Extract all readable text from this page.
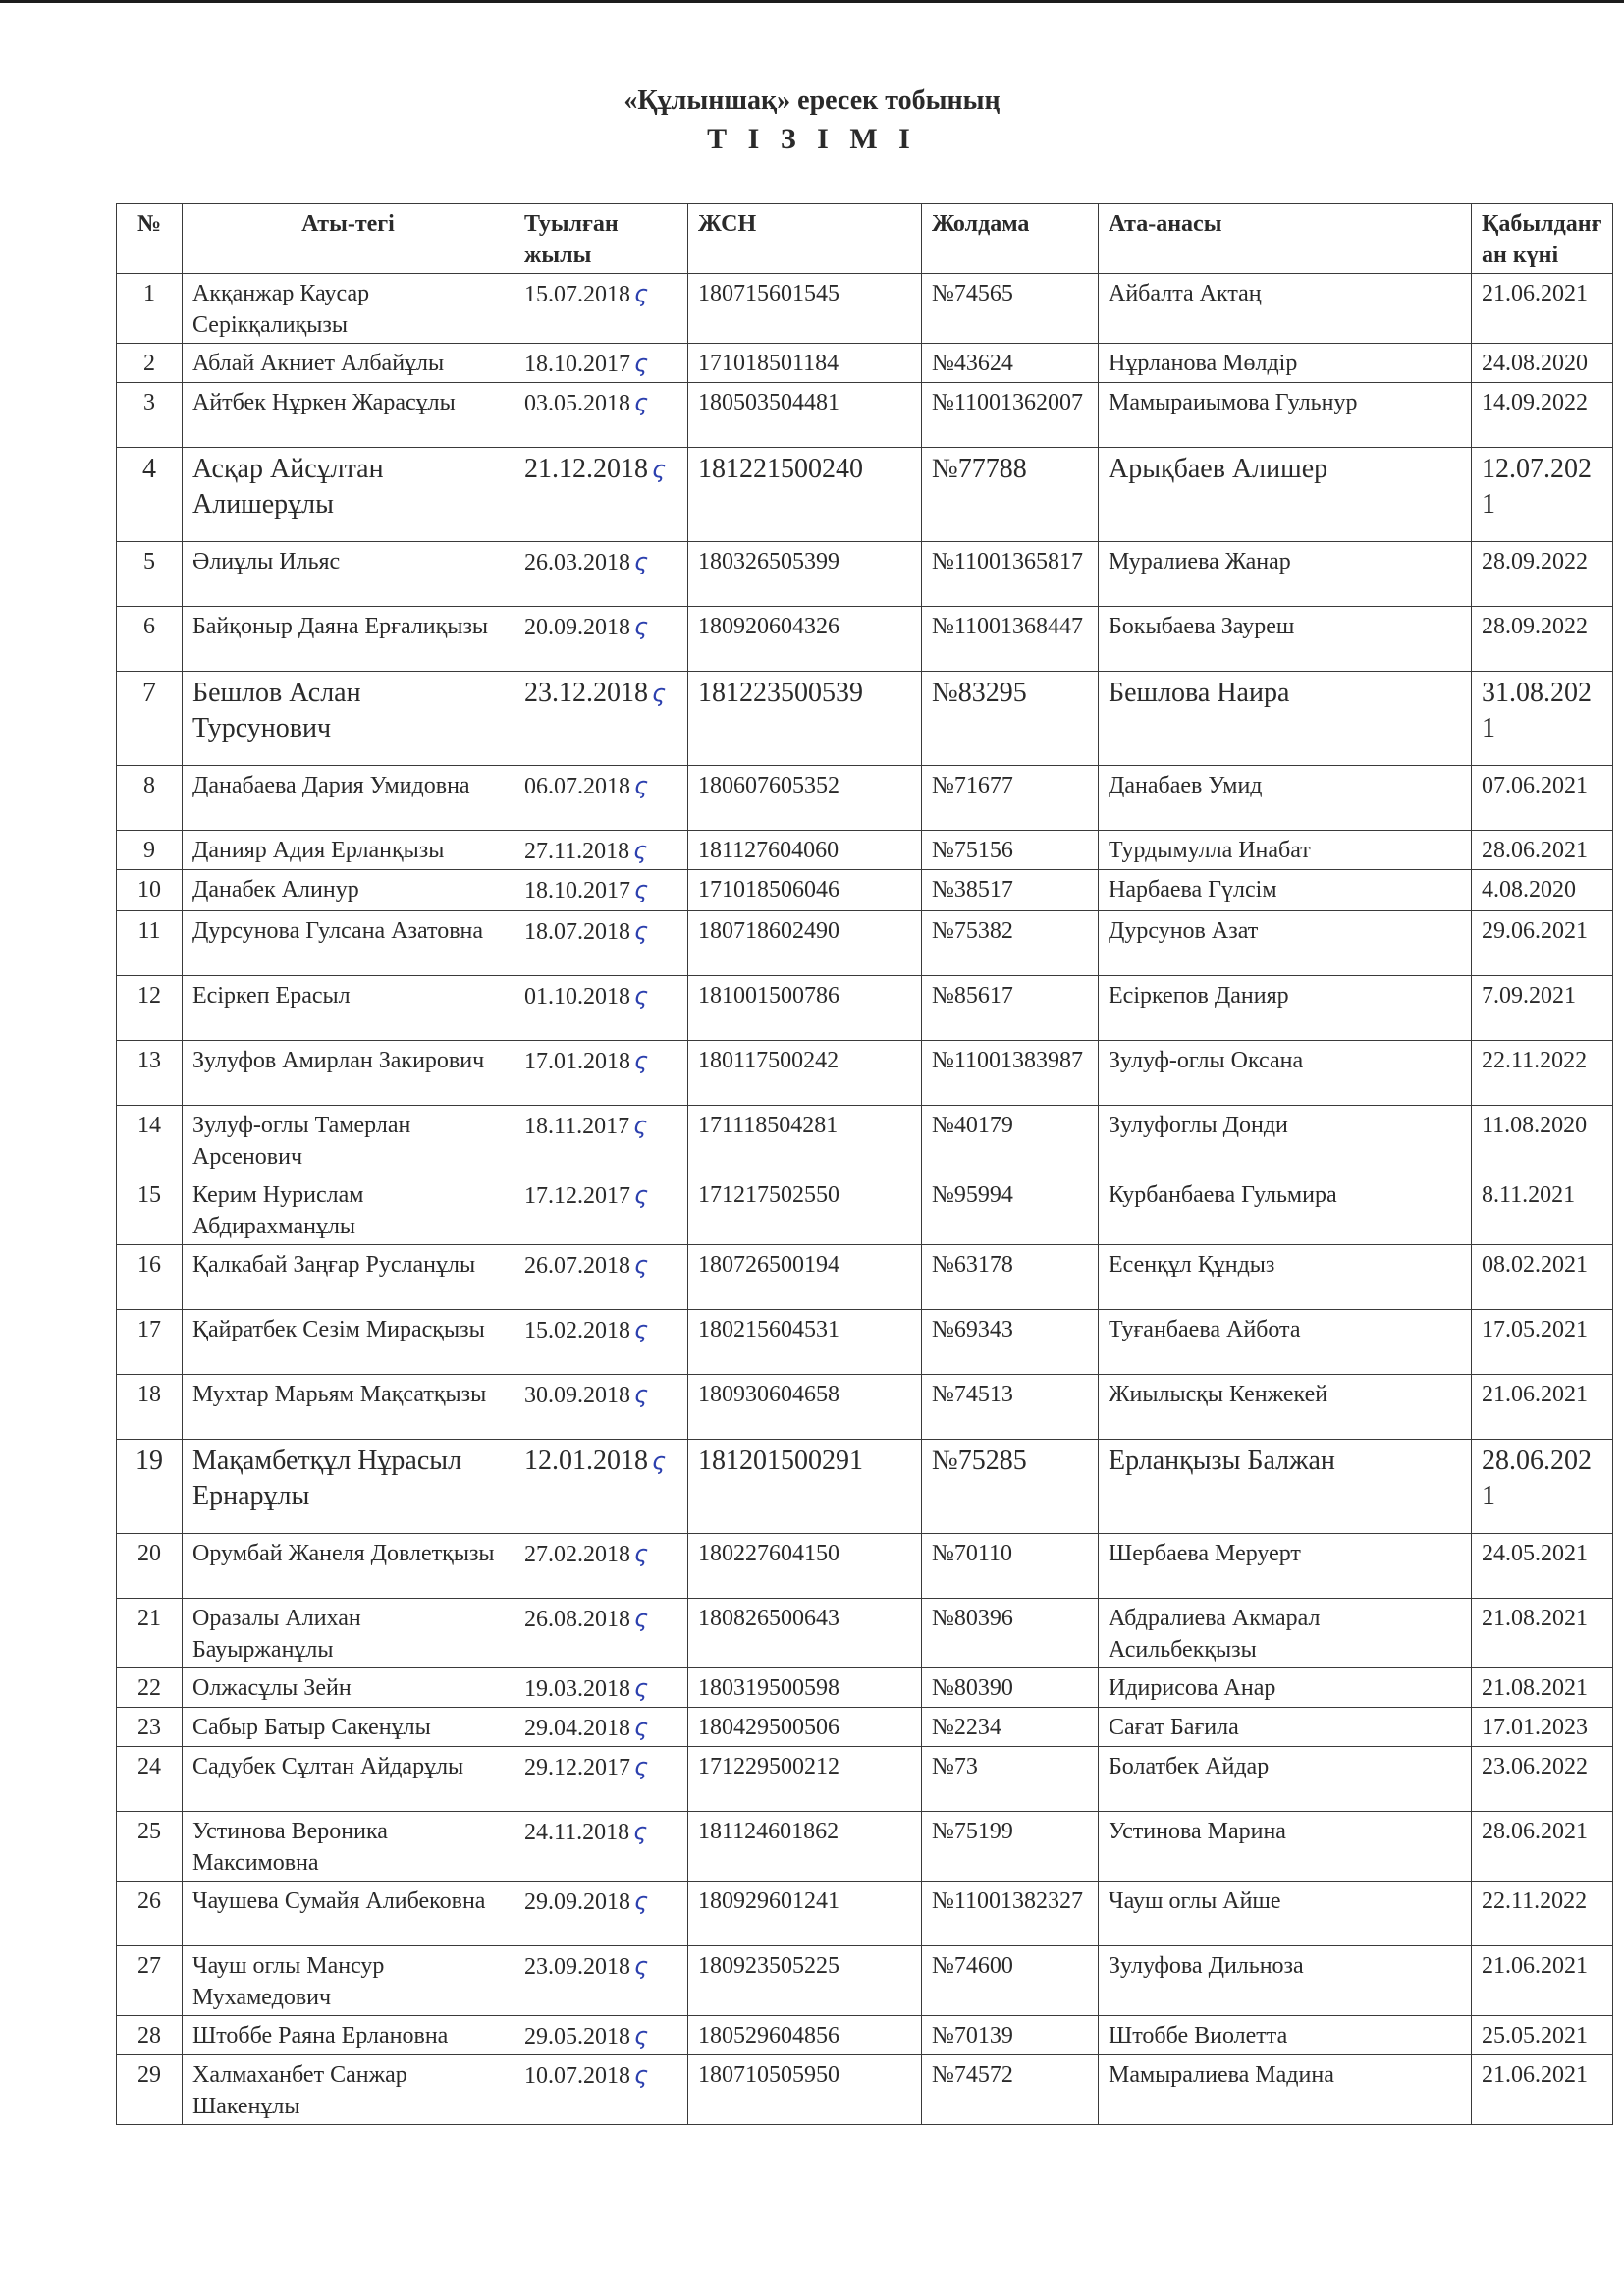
«Құлыншақ» ересек тобының
Т І З І М І
№	Аты-тегі	Туылған жылы	ЖСН	Жолдама	Ата-анасы	Қабылданған күні
1	Акқанжар Каусар Серікқалиқызы	15.07.2018 ς	180715601545	№74565	Айбалта Актаң	21.06.2021
2	Аблай Акниет Албайұлы	18.10.2017 ς	171018501184	№43624	Нұрланова Мөлдір	24.08.2020
3	Айтбек Нұркен Жарасұлы	03.05.2018 ς	180503504481	№11001362007	Мамыраиымова Гульнур	14.09.2022
4	Асқар Айсұлтан Алишерұлы	21.12.2018 ς	181221500240	№77788	Арықбаев Алишер	12.07.2021
5	Әлиұлы Ильяс	26.03.2018 ς	180326505399	№11001365817	Муралиева Жанар	28.09.2022
6	Байқоныр Даяна Ерғалиқызы	20.09.2018 ς	180920604326	№11001368447	Бокыбаева Зауреш	28.09.2022
7	Бешлов Аслан Турсунович	23.12.2018 ς	181223500539	№83295	Бешлова Наира	31.08.2021
8	Данабаева Дария Умидовна	06.07.2018 ς	180607605352	№71677	Данабаев Умид	07.06.2021
9	Данияр Адия Ерланқызы	27.11.2018 ς	181127604060	№75156	Турдымулла Инабат	28.06.2021
10	Данабек Алинур	18.10.2017 ς	171018506046	№38517	Нарбаева Гүлсім	4.08.2020
11	Дурсунова Гулсана Азатовна	18.07.2018 ς	180718602490	№75382	Дурсунов Азат	29.06.2021
12	Есіркеп Ерасыл	01.10.2018 ς	181001500786	№85617	Есіркепов Данияр	7.09.2021
13	Зулуфов Амирлан Закирович	17.01.2018 ς	180117500242	№11001383987	Зулуф-оглы Оксана	22.11.2022
14	Зулуф-оглы Тамерлан Арсенович	18.11.2017 ς	171118504281	№40179	Зулуфоглы Донди	11.08.2020
15	Керим Нурислам Абдирахманұлы	17.12.2017 ς	171217502550	№95994	Курбанбаева Гульмира	8.11.2021
16	Қалкабай Заңғар Русланұлы	26.07.2018 ς	180726500194	№63178	Есенқұл Құндыз	08.02.2021
17	Қайратбек Сезім Мирасқызы	15.02.2018 ς	180215604531	№69343	Туғанбаева Айбота	17.05.2021
18	Мухтар Марьям Мақсатқызы	30.09.2018 ς	180930604658	№74513	Жиылысқы Кенжекей	21.06.2021
19	Мақамбетқұл Нұрасыл Ернарұлы	12.01.2018 ς	181201500291	№75285	Ерланқызы Балжан	28.06.2021
20	Орумбай Жанеля Довлетқызы	27.02.2018 ς	180227604150	№70110	Шербаева Меруерт	24.05.2021
21	Оразалы Алихан Бауыржанұлы	26.08.2018 ς	180826500643	№80396	Абдралиева Акмарал Асильбекқызы	21.08.2021
22	Олжасұлы Зейн	19.03.2018 ς	180319500598	№80390	Идирисова Анар	21.08.2021
23	Сабыр Батыр Сакенұлы	29.04.2018 ς	180429500506	№2234	Сағат Бағила	17.01.2023
24	Садубек Сұлтан Айдарұлы	29.12.2017 ς	171229500212	№73	Болатбек Айдар	23.06.2022
25	Устинова Вероника Максимовна	24.11.2018 ς	181124601862	№75199	Устинова Марина	28.06.2021
26	Чаушева Сумайя Алибековна	29.09.2018 ς	180929601241	№11001382327	Чауш оглы Айше	22.11.2022
27	Чауш оглы Мансур Мухамедович	23.09.2018 ς	180923505225	№74600	Зулуфова Дильноза	21.06.2021
28	Штоббе Раяна Ерлановна	29.05.2018 ς	180529604856	№70139	Штоббе Виолетта	25.05.2021
29	Халмаханбет Санжар Шакенұлы	10.07.2018 ς	180710505950	№74572	Мамыралиева Мадина	21.06.2021
